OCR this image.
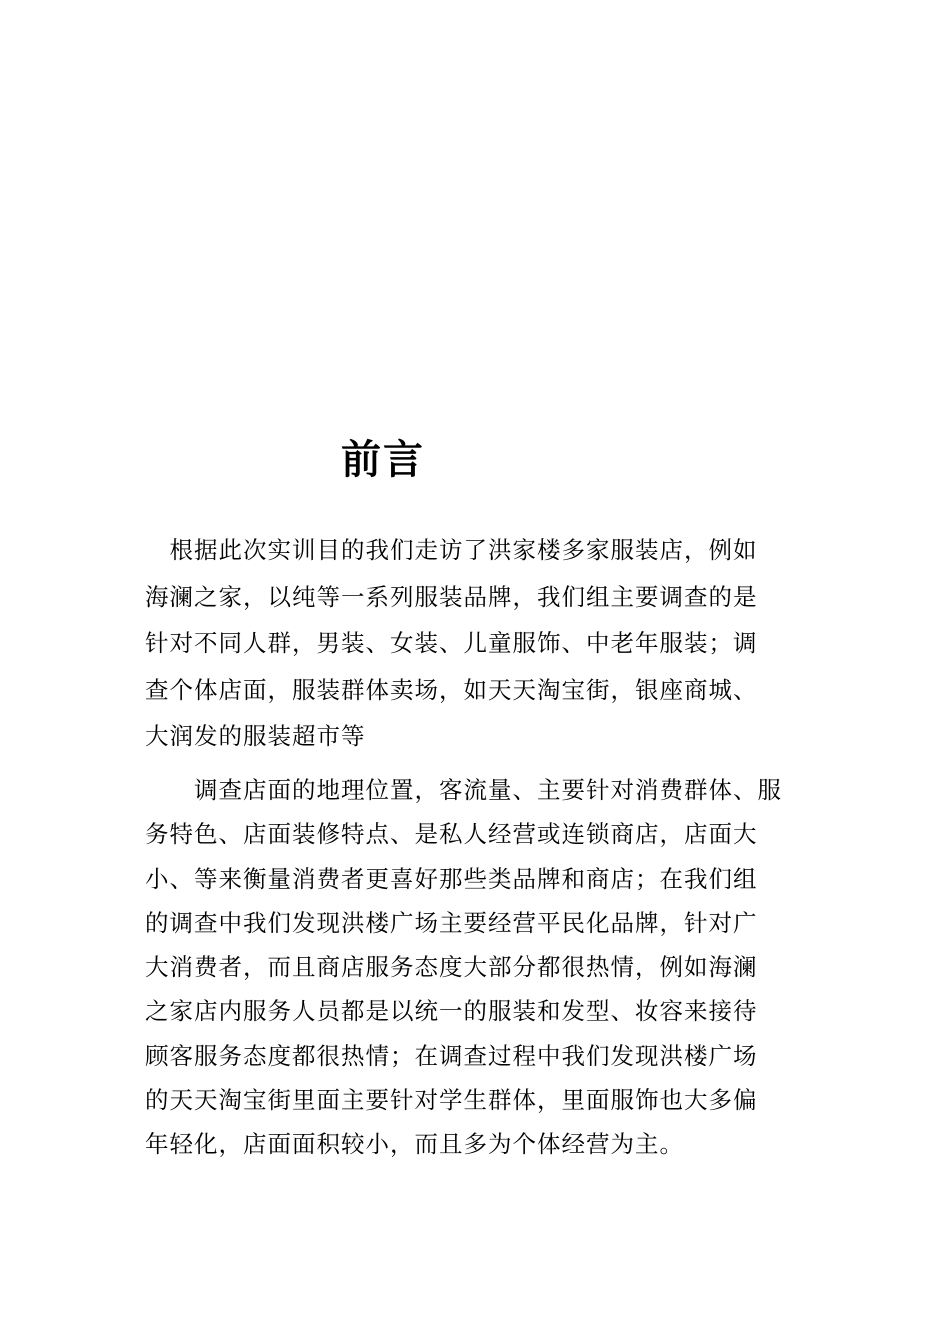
前言
　根据此次实训目的我们走访了洪家楼多家服装店，例如
海澜之家，以纯等一系列服装品牌，我们组主要调查的是
针对不同人群，男装、女装、儿童服饰、中老年服装；调
查个体店面，服装群体卖场，如天天淘宝街，银座商城、
大润发的服装超市等
　　调查店面的地理位置，客流量、主要针对消费群体、服
务特色、店面装修特点、是私人经营或连锁商店，店面大
小、等来衡量消费者更喜好那些类品牌和商店；在我们组
的调查中我们发现洪楼广场主要经营平民化品牌，针对广
大消费者，而且商店服务态度大部分都很热情，例如海澜
之家店内服务人员都是以统一的服装和发型、妆容来接待
顾客服务态度都很热情；在调查过程中我们发现洪楼广场
的天天淘宝街里面主要针对学生群体，里面服饰也大多偏
年轻化，店面面积较小，而且多为个体经营为主。
